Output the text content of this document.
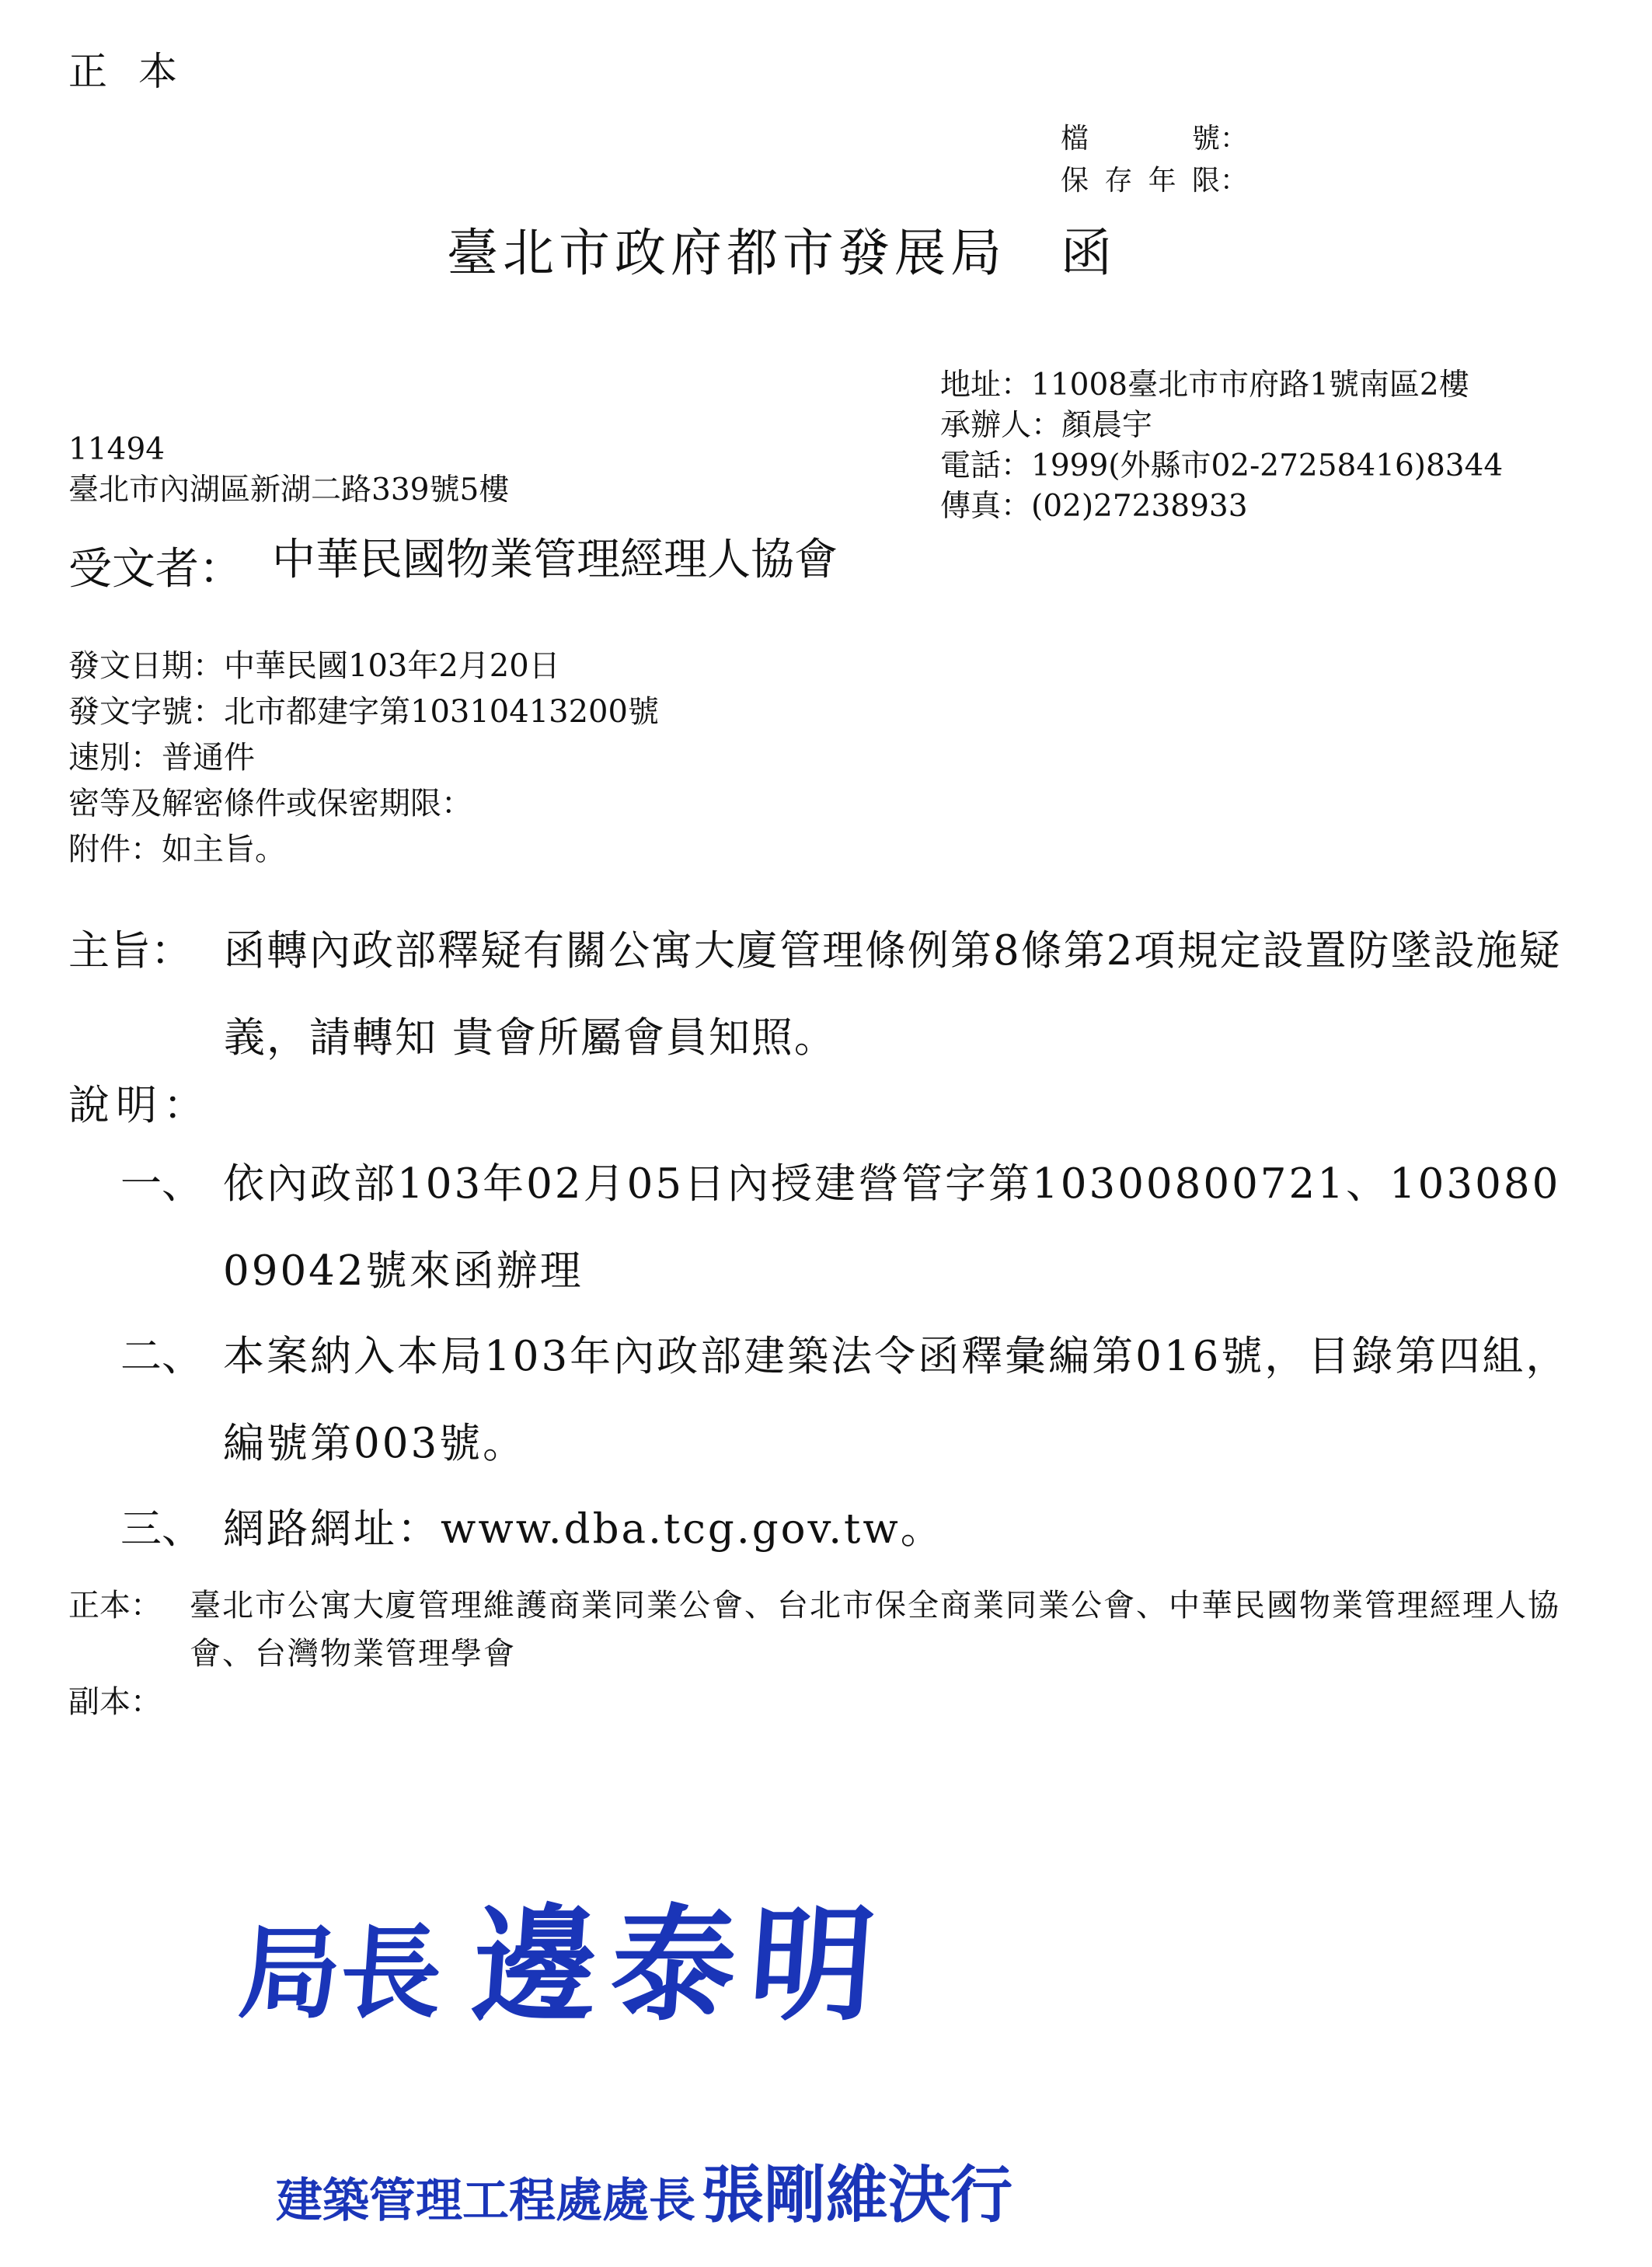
正本
檔號 ：
保存年限 ：
臺北市政府都市發展局 函
地址：11008臺北市市府路1號南區2樓
承辦人：顏晨宇
電話：1999(外縣市02-27258416)8344
傳真：(02)27238933
11494
臺北市內湖區新湖二路339號5樓
受文者： 中華民國物業管理經理人協會
發文日期：中華民國103年2月20日
發文字號：北市都建字第10310413200號
速別：普通件
密等及解密條件或保密期限：
附件：如主旨。
主旨： 函轉內政部釋疑有關公寓大廈管理條例第8條第2項規定設置防墜設施疑義，請轉知 貴會所屬會員知照。
說明：
一、 依內政部103年02月05日內授建營管字第10300800721、10308009042號來函辦理
二、 本案納入本局103年內政部建築法令函釋彙編第016號，目錄第四組，編號第003號。
三、 網路網址：www.dba.tcg.gov.tw。
正本： 臺北市公寓大廈管理維護商業同業公會、台北市保全商業同業公會、中華民國物業管理經理人協會、台灣物業管理學會
副本：
局長 邊泰明
建築管理工程處處長 張剛維決行
